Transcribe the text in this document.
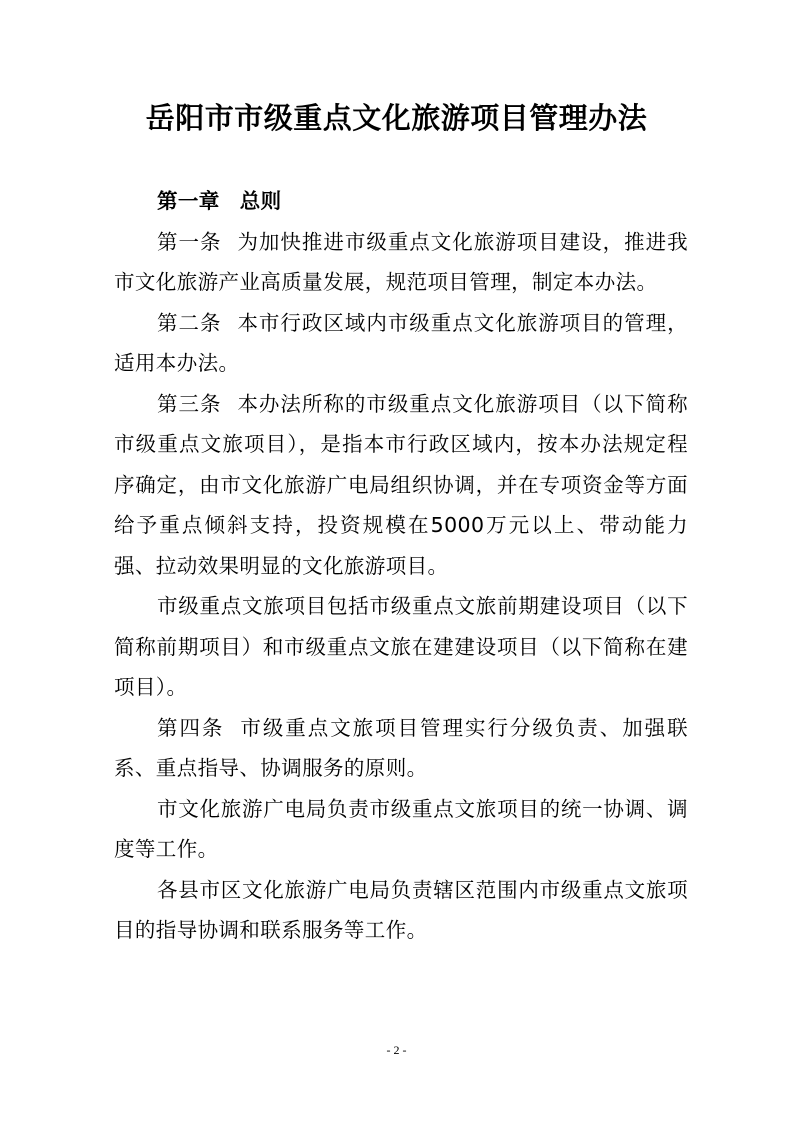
岳阳市市级重点文化旅游项目管理办法

第一章 总则

第一条 为加快推进市级重点文化旅游项目建设，推进我市文化旅游产业高质量发展，规范项目管理，制定本办法。

第二条 本市行政区域内市级重点文化旅游项目的管理，适用本办法。

第三条 本办法所称的市级重点文化旅游项目（以下简称市级重点文旅项目），是指本市行政区域内，按本办法规定程序确定，由市文化旅游广电局组织协调，并在专项资金等方面给予重点倾斜支持，投资规模在5000万元以上、带动能力强、拉动效果明显的文化旅游项目。

市级重点文旅项目包括市级重点文旅前期建设项目（以下简称前期项目）和市级重点文旅在建建设项目（以下简称在建项目）。

第四条 市级重点文旅项目管理实行分级负责、加强联系、重点指导、协调服务的原则。

市文化旅游广电局负责市级重点文旅项目的统一协调、调度等工作。

各县市区文化旅游广电局负责辖区范围内市级重点文旅项目的指导协调和联系服务等工作。

- 2 -
